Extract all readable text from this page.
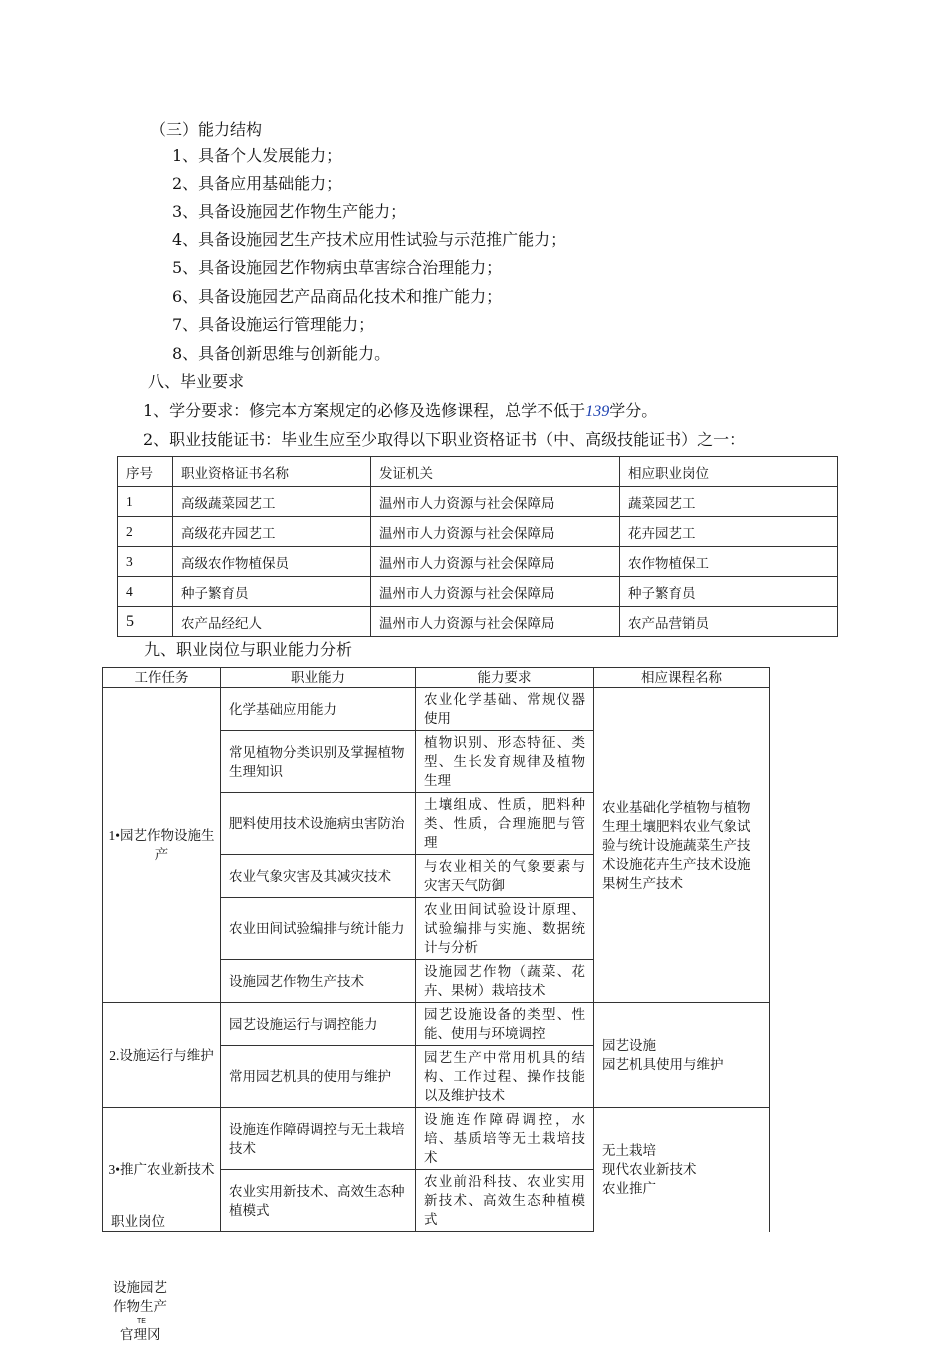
（三）能力结构
1、具备个人发展能力；
2、具备应用基础能力；
3、具备设施园艺作物生产能力；
4、具备设施园艺生产技术应用性试验与示范推广能力；
5、具备设施园艺作物病虫草害综合治理能力；
6、具备设施园艺产品商品化技术和推广能力；
7、具备设施运行管理能力；
8、具备创新思维与创新能力。
八、毕业要求
1、学分要求：修完本方案规定的必修及选修课程，总学不低于139学分。
2、职业技能证书：毕业生应至少取得以下职业资格证书（中、高级技能证书）之一：
序号	职业资格证书名称	发证机关	相应职业岗位
1	高级蔬菜园艺工	温州市人力资源与社会保障局	蔬菜园艺工
2	高级花卉园艺工	温州市人力资源与社会保障局	花卉园艺工
3	高级农作物植保员	温州市人力资源与社会保障局	农作物植保工
4	种子繁育员	温州市人力资源与社会保障局	种子繁育员
5	农产品经纪人	温州市人力资源与社会保障局	农产品营销员
九、职业岗位与职业能力分析
工作任务	职业能力	能力要求	相应课程名称
1•园艺作物设施生产	化学基础应用能力	农业化学基础、常规仪器使用	农业基础化学植物与植物生理土壤肥料农业气象试验与统计设施蔬菜生产技术设施花卉生产技术设施果树生产技术
	常见植物分类识别及掌握植物生理知识	植物识别、形态特征、类型、生长发育规律及植物生理	
	肥料使用技术设施病虫害防治	土壤组成、性质，肥料种类、性质，合理施肥与管理	
	农业气象灾害及其减灾技术	与农业相关的气象要素与灾害天气防御	
	农业田间试验编排与统计能力	农业田间试验设计原理、试验编排与实施、数据统计与分析	
	设施园艺作物生产技术	设施园艺作物（蔬菜、花卉、果树）栽培技术	
2.设施运行与维护	园艺设施运行与调控能力	园艺设施设备的类型、性能、使用与环境调控	园艺设施
园艺机具使用与维护
	常用园艺机具的使用与维护	园艺生产中常用机具的结构、工作过程、操作技能以及维护技术	
3•推广农业新技术	设施连作障碍调控与无土栽培技术	设施连作障碍调控，水培、基质培等无土栽培技术	无土栽培
现代农业新技术
农业推广
	农业实用新技术、高效生态种植模式	农业前沿科技、农业实用新技术、高效生态种植模式	
职业岗位
设施园艺
作物生产
TE
官理冈
